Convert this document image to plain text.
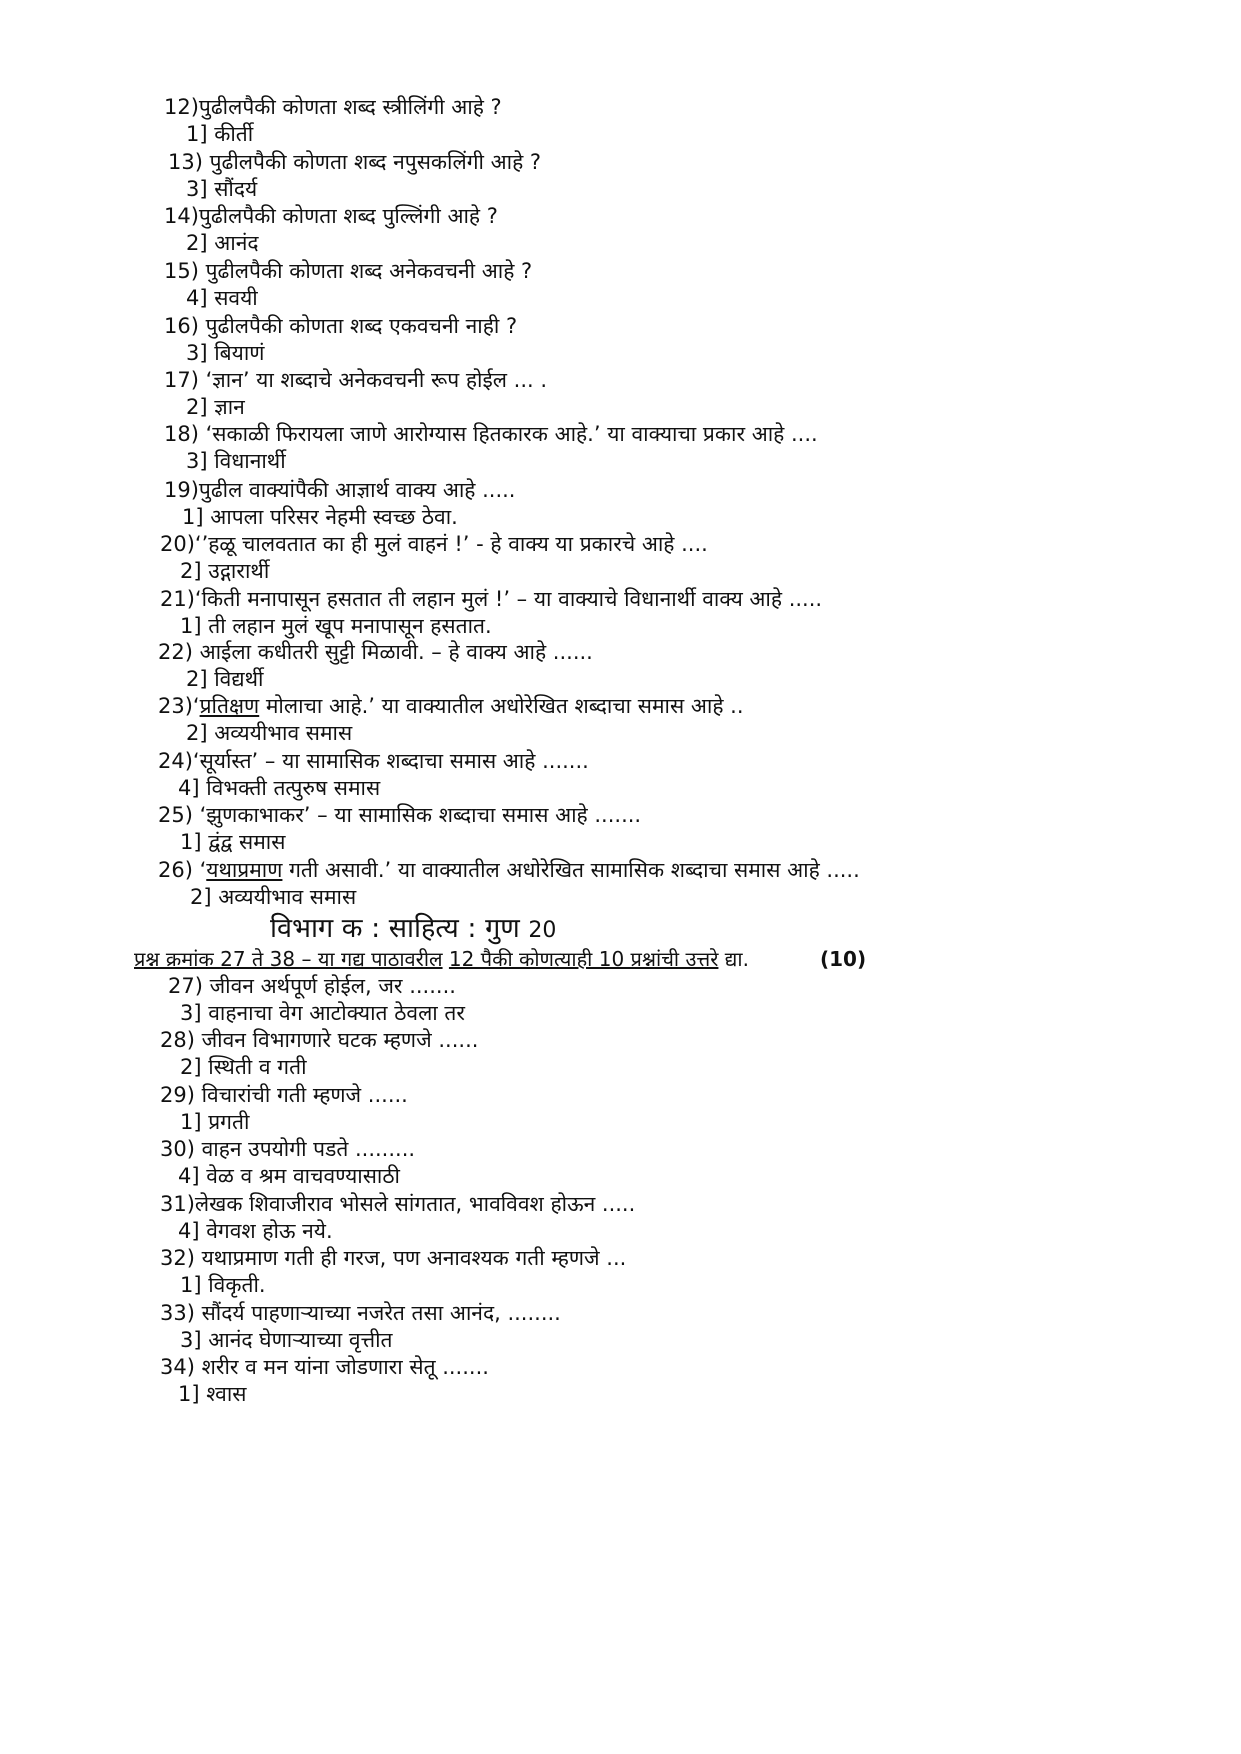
12)पुढीलपैकी कोणता शब्द स्त्रीलिंगी आहे ?
1] कीर्ती
13) पुढीलपैकी कोणता शब्द नपुसकलिंगी आहे ?
3] सौंदर्य
14)पुढीलपैकी कोणता शब्द पुल्लिंगी आहे ?
2] आनंद
15) पुढीलपैकी कोणता शब्द अनेकवचनी आहे ?
4] सवयी
16) पुढीलपैकी कोणता शब्द एकवचनी नाही ?
3] बियाणं
17) ‘ज्ञान’ या शब्दाचे अनेकवचनी रूप होईल ... .
2] ज्ञान
18) ‘सकाळी फिरायला जाणे आरोग्यास हितकारक आहे.’ या वाक्याचा प्रकार आहे ....
3] विधानार्थी
19)पुढील वाक्यांपैकी आज्ञार्थ वाक्य आहे .....
1] आपला परिसर नेहमी स्वच्छ ठेवा.
20)‘’हळू चालवतात का ही मुलं वाहनं !’ - हे वाक्य या प्रकारचे आहे ....
2] उद्गारार्थी
21)‘किती मनापासून हसतात ती लहान मुलं !’ – या वाक्याचे विधानार्थी वाक्य आहे .....
1] ती लहान मुलं खूप मनापासून हसतात.
22) आईला कधीतरी सुट्टी मिळावी. – हे वाक्य आहे ......
2] विद्यर्थी
23)‘प्रतिक्षण मोलाचा आहे.’ या वाक्यातील अधोरेखित शब्दाचा समास आहे ..
2] अव्ययीभाव समास
24)‘सूर्यास्त’ – या सामासिक शब्दाचा समास आहे .......
4] विभक्ती तत्पुरुष समास
25) ‘झुणकाभाकर’ – या सामासिक शब्दाचा समास आहे .......
1] द्वंद्व समास
26) ‘यथाप्रमाण गती असावी.’ या वाक्यातील अधोरेखित सामासिक शब्दाचा समास आहे .....
2] अव्ययीभाव समास
विभाग क : साहित्य : गुण 20
प्रश्न क्रमांक 27 ते 38 – या गद्य पाठावरील 12 पैकी कोणत्याही 10 प्रश्नांची उत्तरे द्या.	(10)
27) जीवन अर्थपूर्ण होईल, जर .......
3] वाहनाचा वेग आटोक्यात ठेवला तर
28) जीवन विभागणारे घटक म्हणजे ......
2] स्थिती व गती
29) विचारांची गती म्हणजे ......
1] प्रगती
30) वाहन उपयोगी पडते .........
4] वेळ व श्रम वाचवण्यासाठी
31)लेखक शिवाजीराव भोसले सांगतात, भावविवश होऊन .....
4] वेगवश होऊ नये.
32) यथाप्रमाण गती ही गरज, पण अनावश्यक गती म्हणजे ...
1] विकृती.
33) सौंदर्य पाहणाऱ्याच्या नजरेत तसा आनंद, ........
3] आनंद घेणाऱ्याच्या वृत्तीत
34) शरीर व मन यांना जोडणारा सेतू .......
1] श्वास
